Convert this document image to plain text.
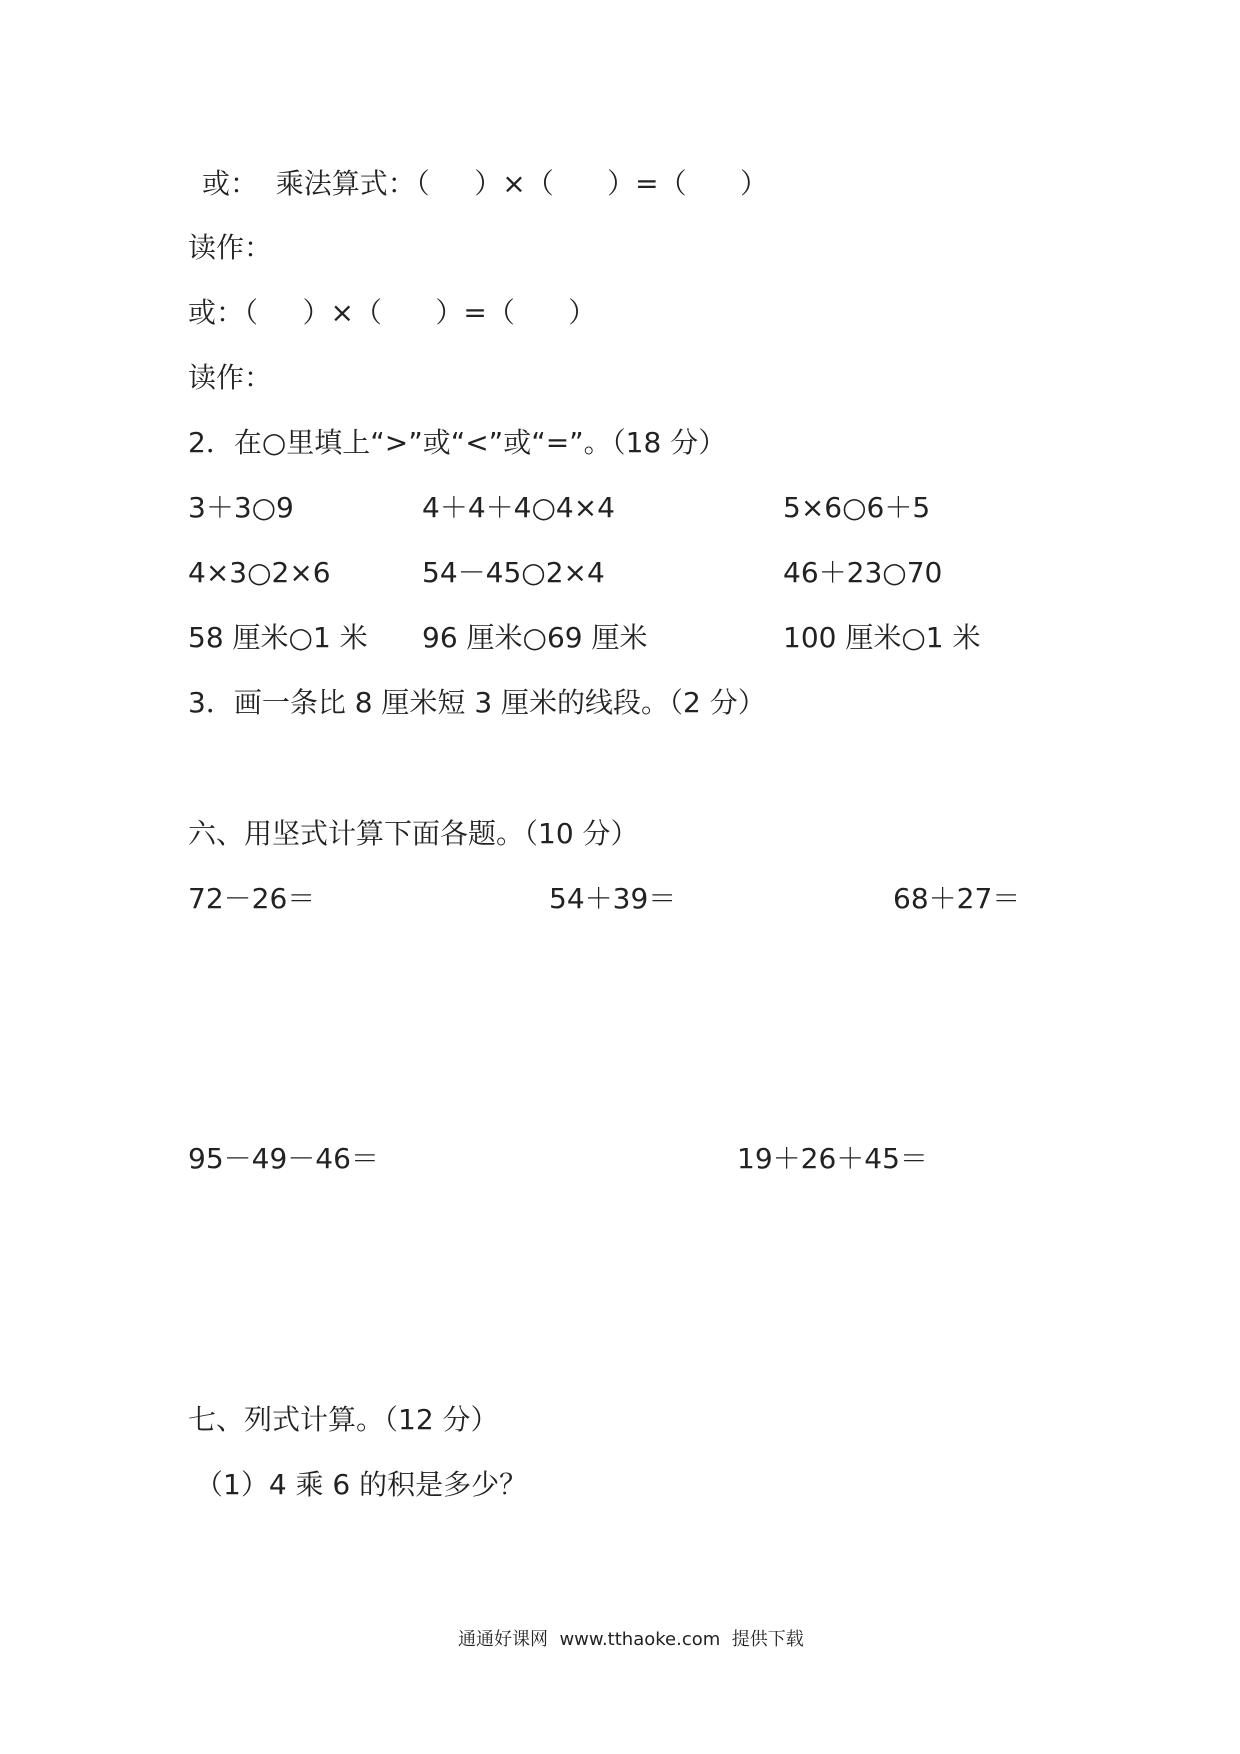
或：  乘法算式：（     ）×（      ）=（      ）
读作：
或：（     ）×（      ）=（      ）
读作：
2．在○里填上“>”或“<”或“=”。（18 分）
3＋3○9	4＋4＋4○4×4	5×6○6＋5
4×3○2×6	54－45○2×4	46＋23○70
58 厘米○1 米 96 厘米○69 厘米	100 厘米○1 米
3．画一条比 8 厘米短 3 厘米的线段。（2 分）
六、用坚式计算下面各题。（10 分）
72－26＝	54＋39＝	68＋27＝
95－49－46＝	19＋26＋45＝
七、列式计算。（12 分）
（1）4 乘 6 的积是多少？
通通好课网  www.tthaoke.com  提供下载
